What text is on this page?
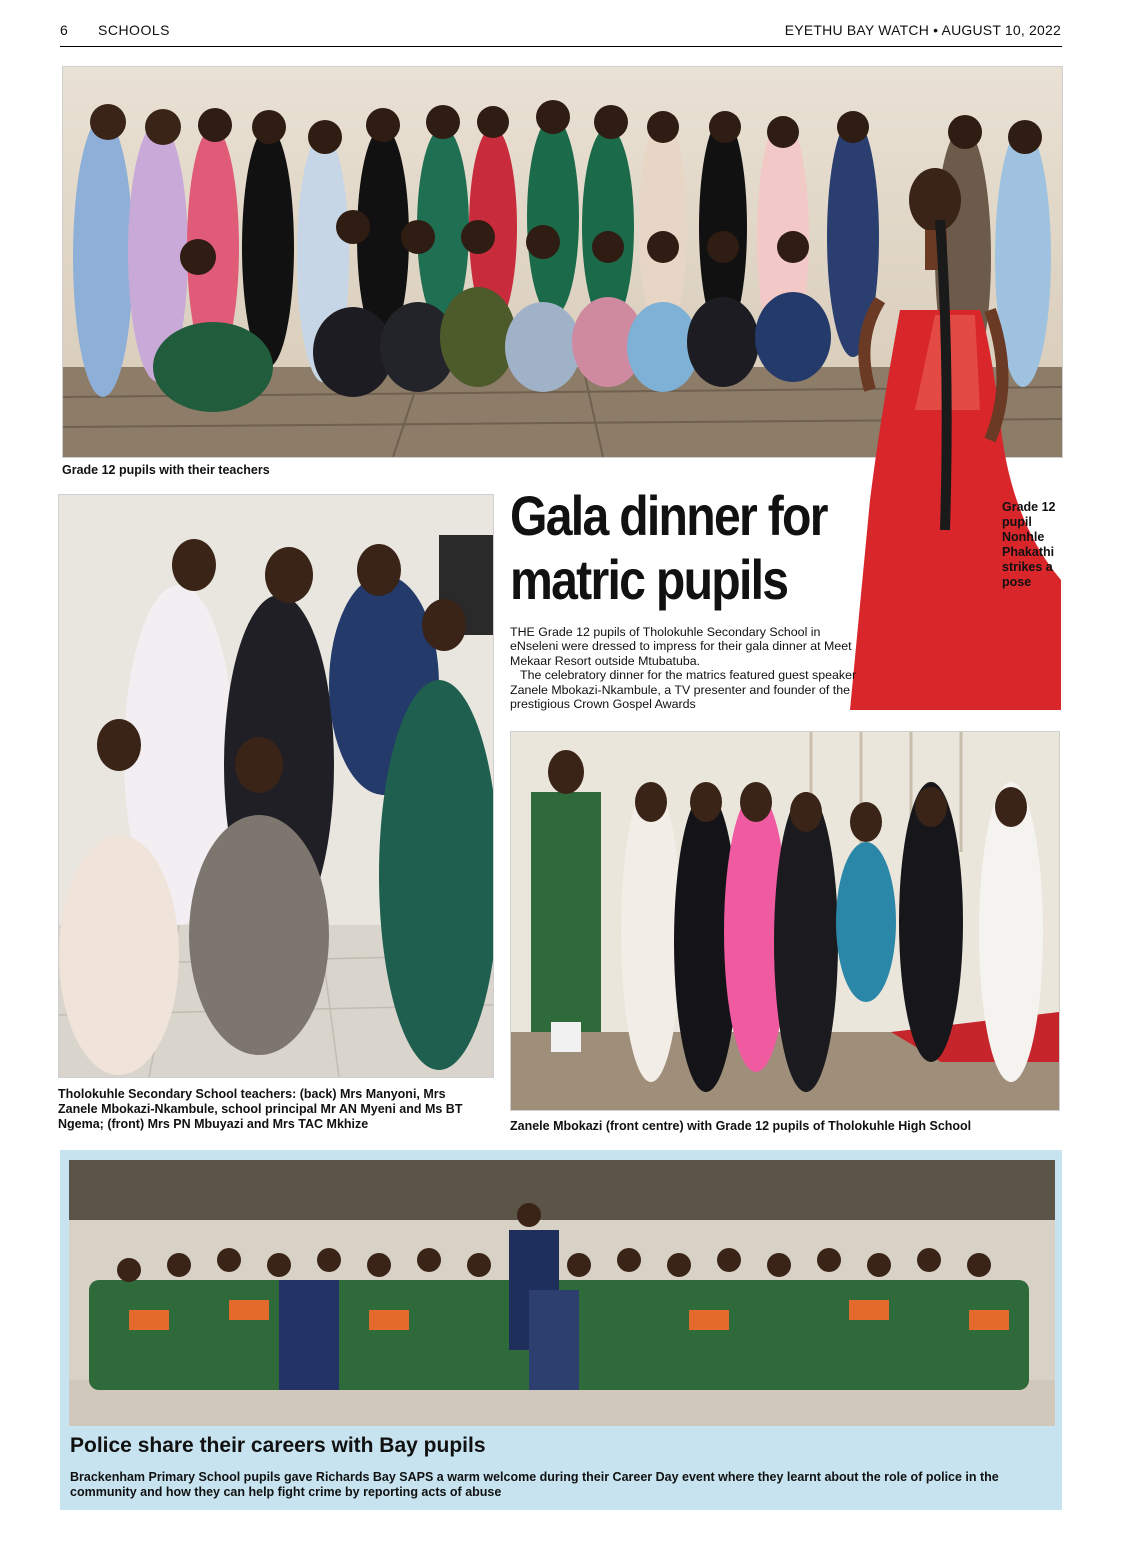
6 SCHOOLS	EYETHU BAY WATCH • AUGUST 10, 2022
Grade 12 pupils with their teachers
Grade 12 pupil Nonhle Phakathi strikes a pose
Tholokuhle Secondary School teachers: (back) Mrs Manyoni, Mrs Zanele Mbokazi-Nkambule, school principal Mr AN Myeni and Ms BT Ngema; (front) Mrs PN Mbuyazi and Mrs TAC Mkhize
Gala dinner for matric pupils

THE Grade 12 pupils of Tholokuhle Secondary School in eNseleni were dressed to impress for their gala dinner at Meet Mekaar Resort outside Mtubatuba.

The celebratory dinner for the matrics featured guest speaker Zanele Mbokazi-Nkambule, a TV presenter and founder of the prestigious Crown Gospel Awards

Zanele Mbokazi (front centre) with Grade 12 pupils of Tholokuhle High School
Police share their careers with Bay pupils
Brackenham Primary School pupils gave Richards Bay SAPS a warm welcome during their Career Day event where they learnt about the role of police in the community and how they can help fight crime by reporting acts of abuse
